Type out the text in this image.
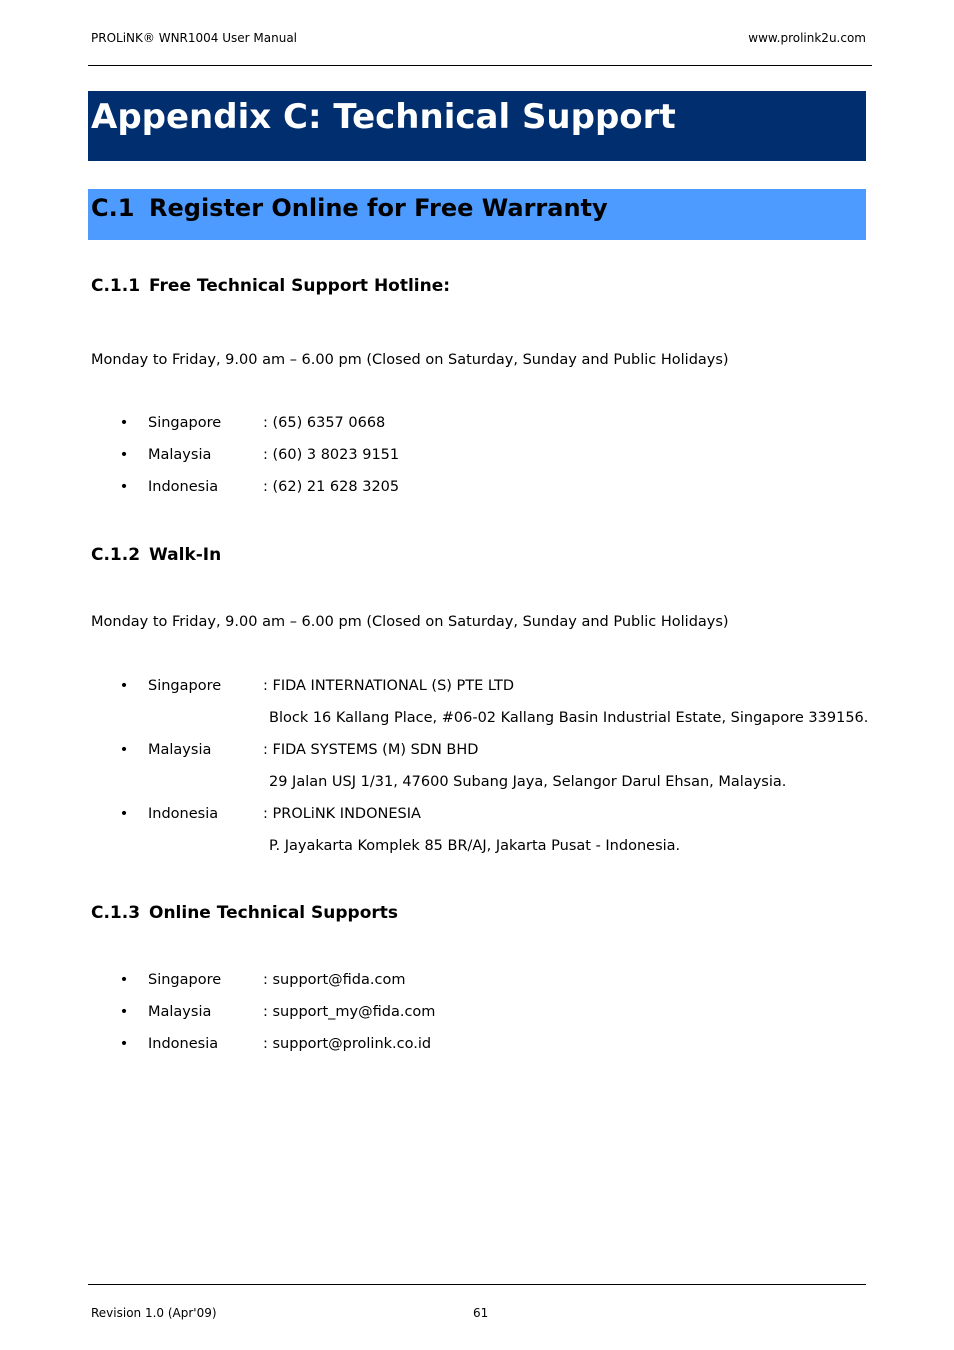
PROLiNK® WNR1004 User Manual	www.prolink2u.com
Appendix C: Technical Support
C.1 Register Online for Free Warranty
C.1.1 Free Technical Support Hotline:
Monday to Friday, 9.00 am – 6.00 pm (Closed on Saturday, Sunday and Public Holidays)
• Singapore	: (65) 6357 0668
• Malaysia	: (60) 3 8023 9151
• Indonesia	: (62) 21 628 3205
C.1.2 Walk-In
Monday to Friday, 9.00 am – 6.00 pm (Closed on Saturday, Sunday and Public Holidays)
• Singapore	: FIDA INTERNATIONAL (S) PTE LTD
Block 16 Kallang Place, #06-02 Kallang Basin Industrial Estate, Singapore 339156.
• Malaysia	: FIDA SYSTEMS (M) SDN BHD
29 Jalan USJ 1/31, 47600 Subang Jaya, Selangor Darul Ehsan, Malaysia.
• Indonesia	: PROLiNK INDONESIA
P. Jayakarta Komplek 85 BR/AJ, Jakarta Pusat - Indonesia.
C.1.3 Online Technical Supports
• Singapore	: support@fida.com
• Malaysia	: support_my@fida.com
• Indonesia	: support@prolink.co.id
Revision 1.0 (Apr'09)	61
